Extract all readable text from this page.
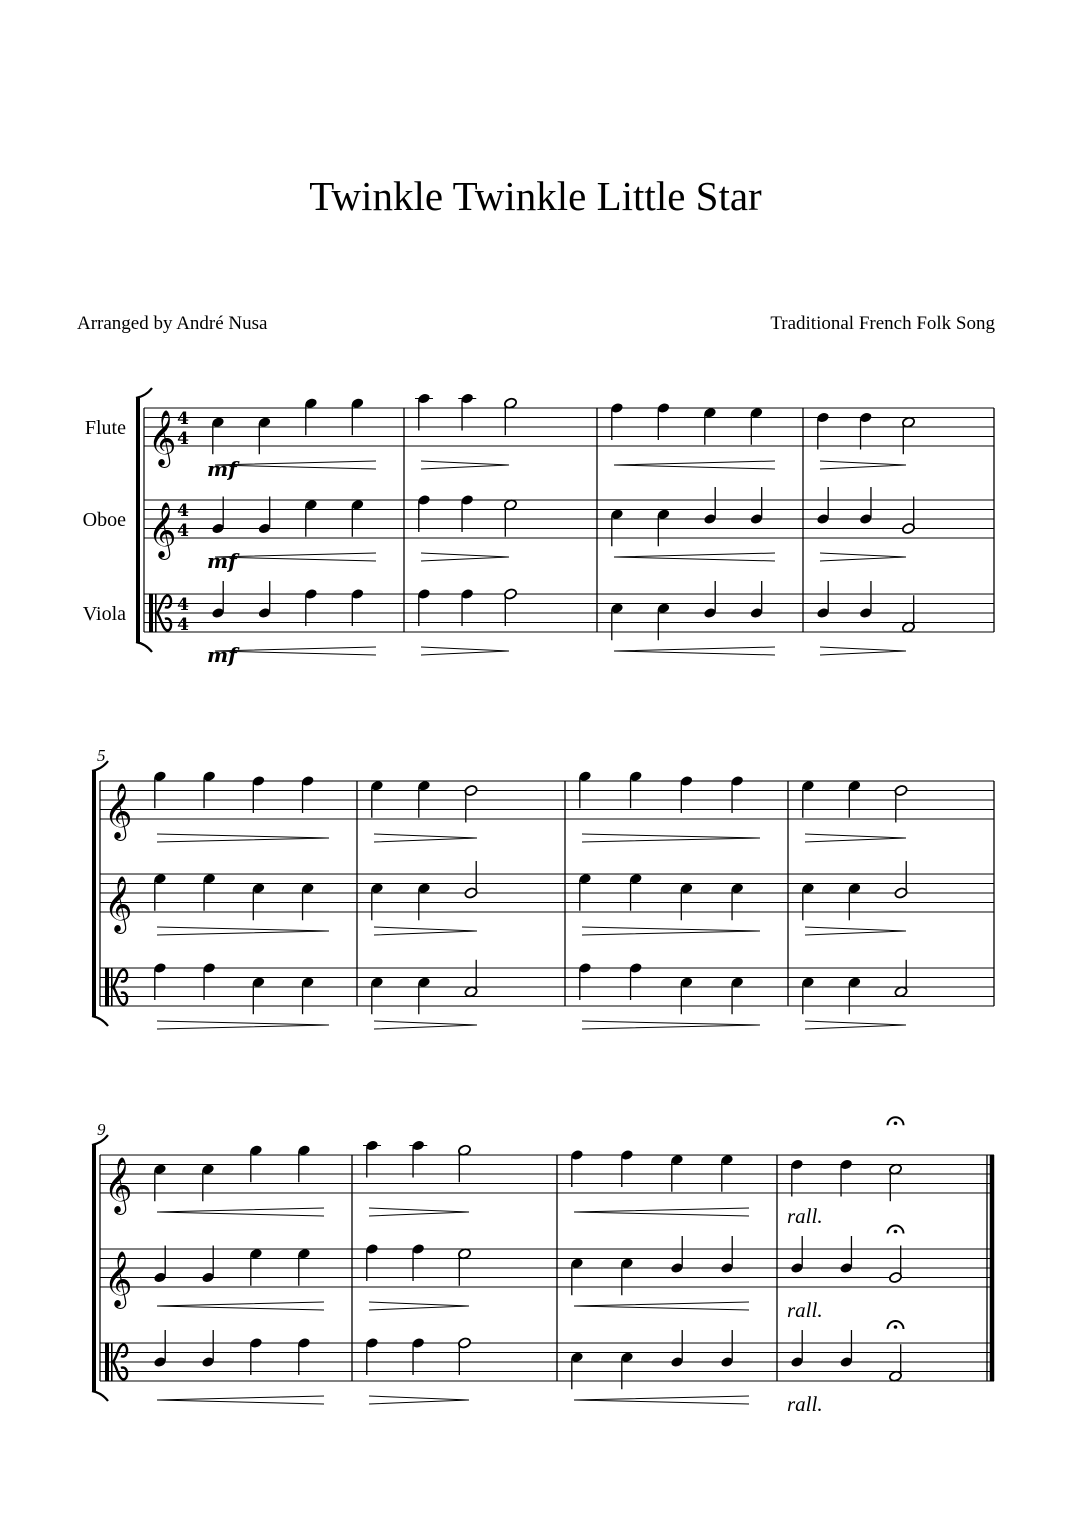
Twinkle Twinkle Little Star
Arranged by André Nusa	Traditional French Folk Song
𝄞 4
4
Flute
mf
𝄞 4
4
Oboe
mf
4
4
Viola
mf
5
𝄞
𝄞
9
𝄞
𝄞
rall.
rall.
rall.
